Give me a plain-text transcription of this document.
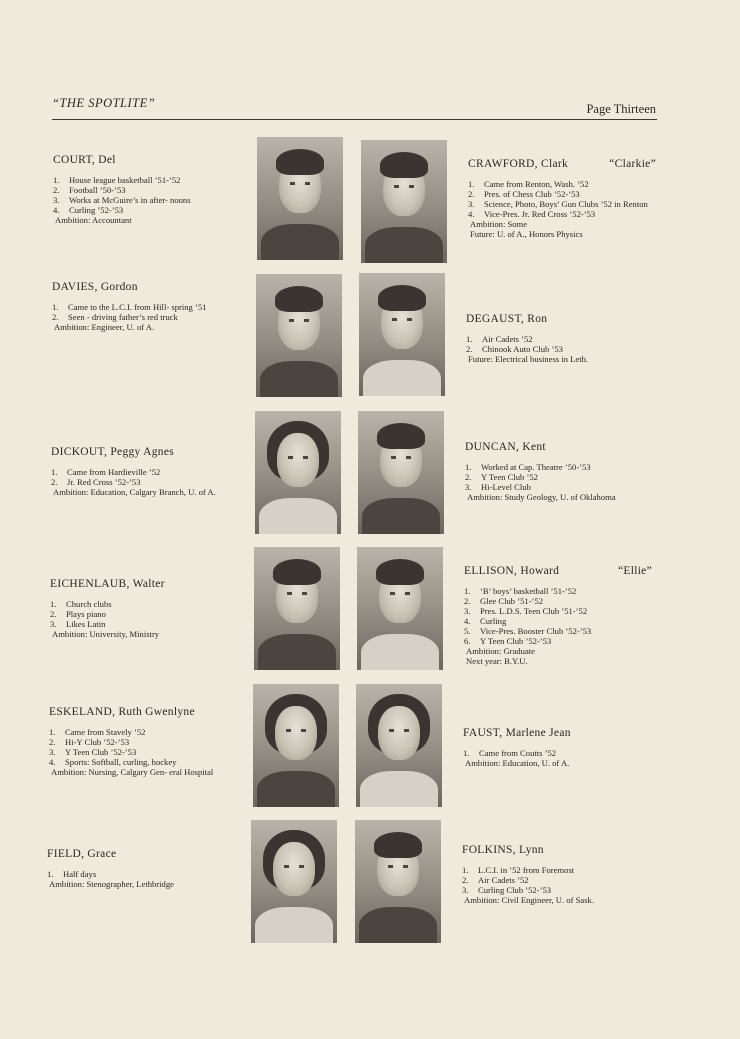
“THE SPOTLITE”	Page Thirteen
COURT, Del
1. House league basketball ’51-’52
2. Football ’50-’53
3. Works at McGuire’s in after- noons
4. Curling ’52-’53
Ambition: Accountant
DAVIES, Gordon
1. Came to the L.C.I. from Hill- spring ’51
2. Seen - driving father’s red truck
Ambition: Engineer, U. of A.
DICKOUT, Peggy Agnes
1. Came from Hardieville ’52
2. Jr. Red Cross ’52-’53
Ambition: Education, Calgary Branch, U. of A.
EICHENLAUB, Walter
1. Church clubs
2. Plays piano
3. Likes Latin
Ambition: University, Ministry
ESKELAND, Ruth Gwenlyne
1. Came from Stavely ’52
2. Hi-Y Club ’52-’53
3. Y Teen Club ’52-’53
4. Sports: Softball, curling, hockey
Ambition: Nursing, Calgary Gen- eral Hospital
FIELD, Grace
1. Half days
Ambition: Stenographer, Lethbridge
CRAWFORD, Clark	“Clarkie”
1. Came from Renton, Wash. ’52
2. Pres. of Chess Club ’52-’53
3. Science, Photo, Boys’ Gun Clubs ’52 in Renton
4. Vice-Pres. Jr. Red Cross ’52-’53
Ambition: Some
Future: U. of A., Honors Physics
DEGAUST, Ron
1. Air Cadets ’52
2. Chinook Auto Club ’53
Future: Electrical business in Leth.
DUNCAN, Kent
1. Worked at Cap. Theatre ’50-’53
2. Y Teen Club ’52
3. Hi-Level Club
Ambition: Study Geology, U. of Oklahoma
ELLISON, Howard	“Ellie”
1. ‘B’ boys’ basketball ’51-’52
2. Glee Club ’51-’52
3. Pres. L.D.S. Teen Club ’51-’52
4. Curling
5. Vice-Pres. Booster Club ’52-’53
6. Y Teen Club ’52-’53
Ambition: Graduate
Next year: B.Y.U.
FAUST, Marlene Jean
1. Came from Coutts ’52
Ambition: Education, U. of A.
FOLKINS, Lynn
1. L.C.I. in ’52 from Foremost
2. Air Cadets ’52
3. Curling Club ’52-’53
Ambition: Civil Engineer, U. of Sask.
